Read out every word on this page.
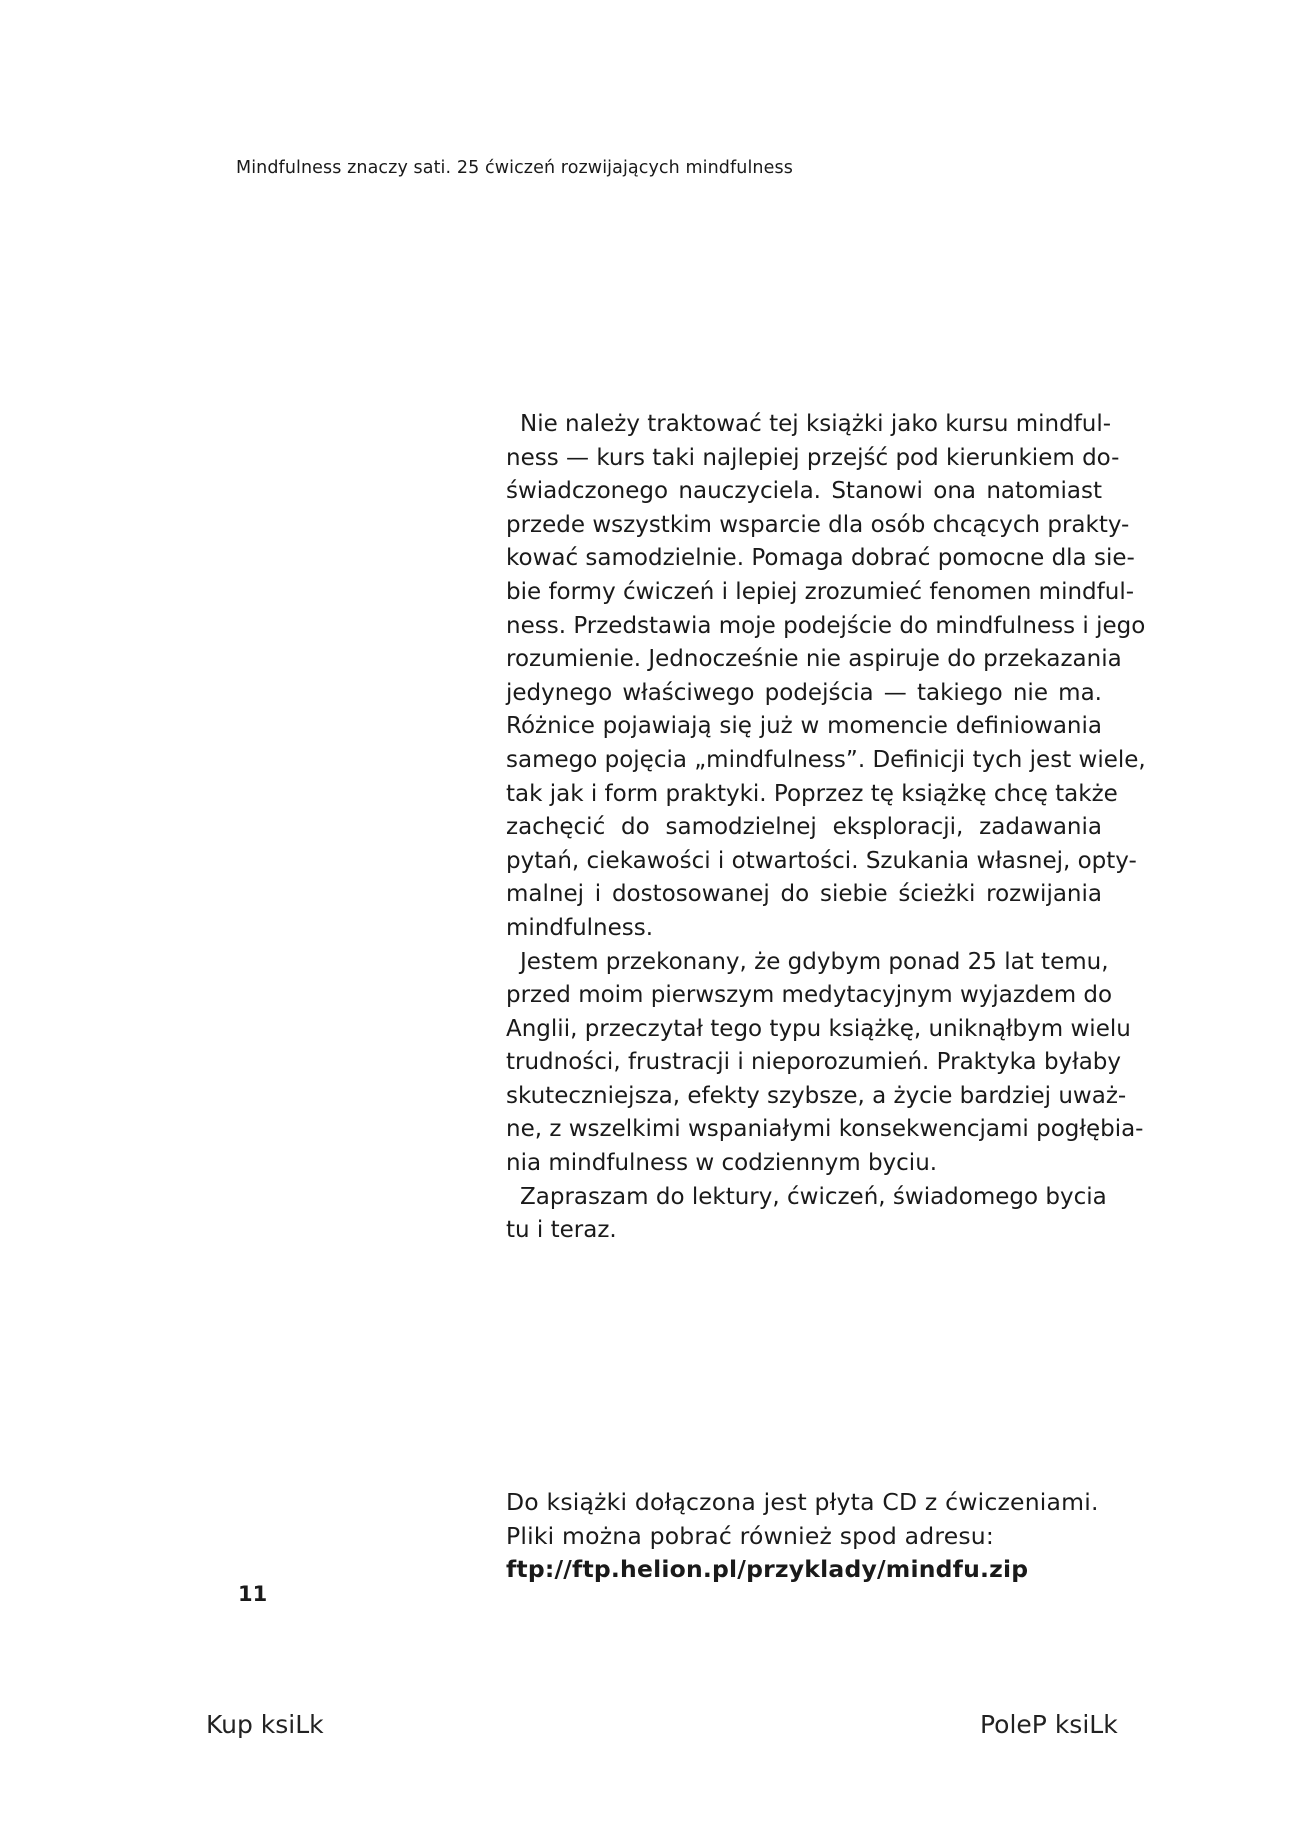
Mindfulness znaczy sati. 25 ćwiczeń rozwijających mindfulness
Nie należy traktować tej książki jako kursu mindful-
ness — kurs taki najlepiej przejść pod kierunkiem do-
świadczonego nauczyciela. Stanowi ona natomiast
przede wszystkim wsparcie dla osób chcących prakty-
kować samodzielnie. Pomaga dobrać pomocne dla sie-
bie formy ćwiczeń i lepiej zrozumieć fenomen mindful-
ness. Przedstawia moje podejście do mindfulness i jego
rozumienie. Jednocześnie nie aspiruje do przekazania
jedynego właściwego podejścia — takiego nie ma.
Różnice pojawiają się już w momencie definiowania
samego pojęcia „mindfulness”. Definicji tych jest wiele,
tak jak i form praktyki. Poprzez tę książkę chcę także
zachęcić do samodzielnej eksploracji, zadawania
pytań, ciekawości i otwartości. Szukania własnej, opty-
malnej i dostosowanej do siebie ścieżki rozwijania
mindfulness.
Jestem przekonany, że gdybym ponad 25 lat temu,
przed moim pierwszym medytacyjnym wyjazdem do
Anglii, przeczytał tego typu książkę, uniknąłbym wielu
trudności, frustracji i nieporozumień. Praktyka byłaby
skuteczniejsza, efekty szybsze, a życie bardziej uważ-
ne, z wszelkimi wspaniałymi konsekwencjami pogłębia-
nia mindfulness w codziennym byciu.
Zapraszam do lektury, ćwiczeń, świadomego bycia
tu i teraz.
Do książki dołączona jest płyta CD z ćwiczeniami.
Pliki można pobrać również spod adresu:
ftp://ftp.helion.pl/przyklady/mindfu.zip
11
Kup ksiLk	PoleP ksiLk
